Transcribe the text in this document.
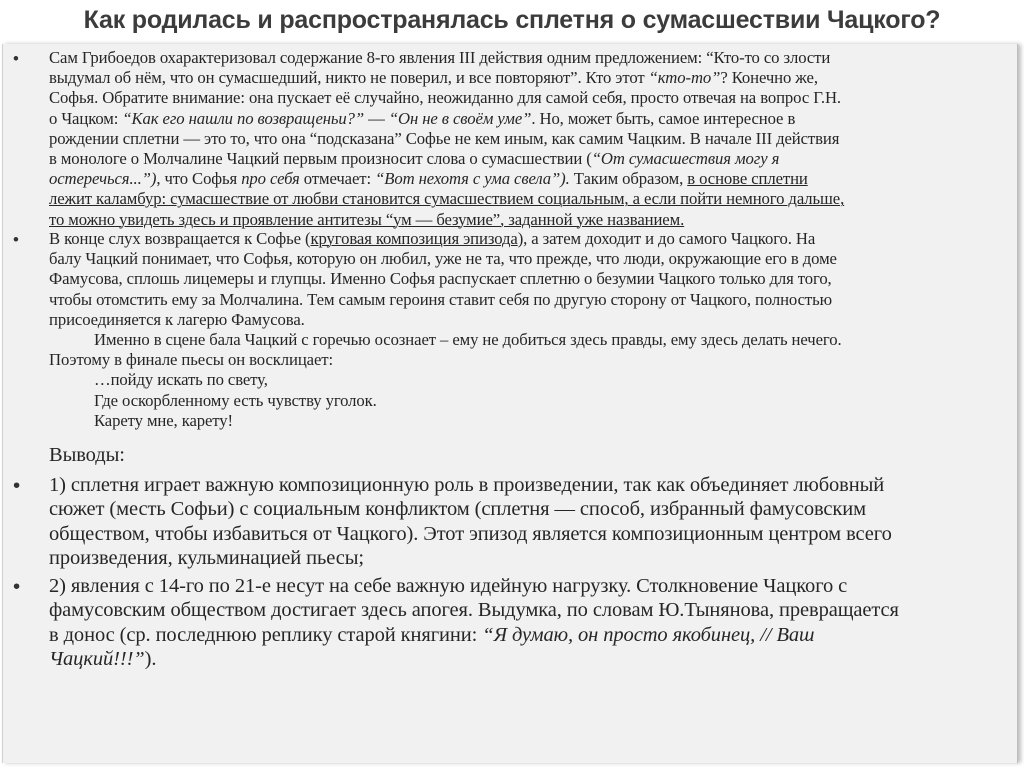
Как родилась и распространялась сплетня о сумасшествии Чацкого?
• Сам Грибоедов охарактеризовал содержание 8-го явления III действия одним предложением: “Кто-то со злости
выдумал об нём, что он сумасшедший, никто не поверил, и все повторяют”. Кто этот “кто-то”? Конечно же,
Софья. Обратите внимание: она пускает её случайно, неожиданно для самой себя, просто отвечая на вопрос Г.Н.
о Чацком: “Как его нашли по возвращеньи?” — “Он не в своём уме”. Но, может быть, самое интересное в
рождении сплетни — это то, что она “подсказана” Софье не кем иным, как самим Чацким. В начале III действия
в монологе о Молчалине Чацкий первым произносит слова о сумасшествии (“От сумасшествия могу я
остеречься...”), что Софья про себя отмечает: “Вот нехотя с ума свела”). Таким образом, в основе сплетни
лежит каламбур: сумасшествие от любви становится сумасшествием социальным, а если пойти немного дальше,
то можно увидеть здесь и проявление антитезы “ум — безумие”, заданной уже названием.
• В конце слух возвращается к Софье (круговая композиция эпизода), а затем доходит и до самого Чацкого. На
балу Чацкий понимает, что Софья, которую он любил, уже не та, что прежде, что люди, окружающие его в доме
Фамусова, сплошь лицемеры и глупцы. Именно Софья распускает сплетню о безумии Чацкого только для того,
чтобы отомстить ему за Молчалина. Тем самым героиня ставит себя по другую сторону от Чацкого, полностью
присоединяется к лагерю Фамусова.
Именно в сцене бала Чацкий с горечью осознает – ему не добиться здесь правды, ему здесь делать нечего.
Поэтому в финале пьесы он восклицает:
…пойду искать по свету,
Где оскорбленному есть чувству уголок.
Карету мне, карету!
Выводы:
• 1) сплетня играет важную композиционную роль в произведении, так как объединяет любовный
сюжет (месть Софьи) с социальным конфликтом (сплетня — способ, избранный фамусовским
обществом, чтобы избавиться от Чацкого). Этот эпизод является композиционным центром всего
произведения, кульминацией пьесы;
• 2) явления с 14-го по 21-е несут на себе важную идейную нагрузку. Столкновение Чацкого с
фамусовским обществом достигает здесь апогея. Выдумка, по словам Ю.Тынянова, превращается
в донос (ср. последнюю реплику старой княгини: “Я думаю, он просто якобинец, // Ваш
Чацкий!!!”).
